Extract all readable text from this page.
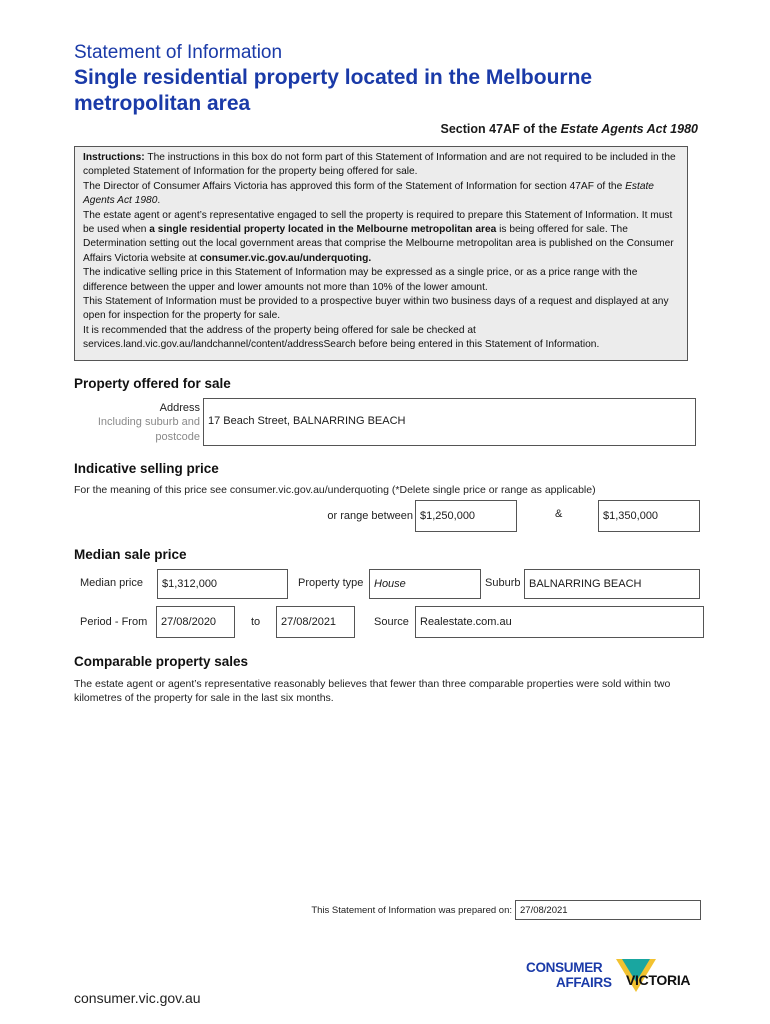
Statement of Information
Single residential property located in the Melbourne metropolitan area
Section 47AF of the Estate Agents Act 1980

Instructions: The instructions in this box do not form part of this Statement of Information and are not required to be included in the completed Statement of Information for the property being offered for sale.

The Director of Consumer Affairs Victoria has approved this form of the Statement of Information for section 47AF of the Estate Agents Act 1980.

The estate agent or agent’s representative engaged to sell the property is required to prepare this Statement of Information. It must be used when a single residential property located in the Melbourne metropolitan area is being offered for sale. The Determination setting out the local government areas that comprise the Melbourne metropolitan area is published on the Consumer Affairs Victoria website at consumer.vic.gov.au/underquoting.

The indicative selling price in this Statement of Information may be expressed as a single price, or as a price range with the difference between the upper and lower amounts not more than 10% of the lower amount.

This Statement of Information must be provided to a prospective buyer within two business days of a request and displayed at any open for inspection for the property for sale.

It is recommended that the address of the property being offered for sale be checked at services.land.vic.gov.au/landchannel/content/addressSearch before being entered in this Statement of Information.

Property offered for sale
Address
Including suburb and
postcode
17 Beach Street, BALNARRING BEACH
Indicative selling price
For the meaning of this price see consumer.vic.gov.au/underquoting (*Delete single price or range as applicable)
or range between $1,250,000	&	$1,350,000
Median sale price
Median price $1,312,000	Property type House	Suburb BALNARRING BEACH
Period - From 27/08/2020	to 27/08/2021	Source Realestate.com.au
Comparable property sales
The estate agent or agent’s representative reasonably believes that fewer than three comparable properties were sold within two kilometres of the property for sale in the last six months.
This Statement of Information was prepared on: 27/08/2021
CONSUMER
AFFAIRS VICTORIA
consumer.vic.gov.au
